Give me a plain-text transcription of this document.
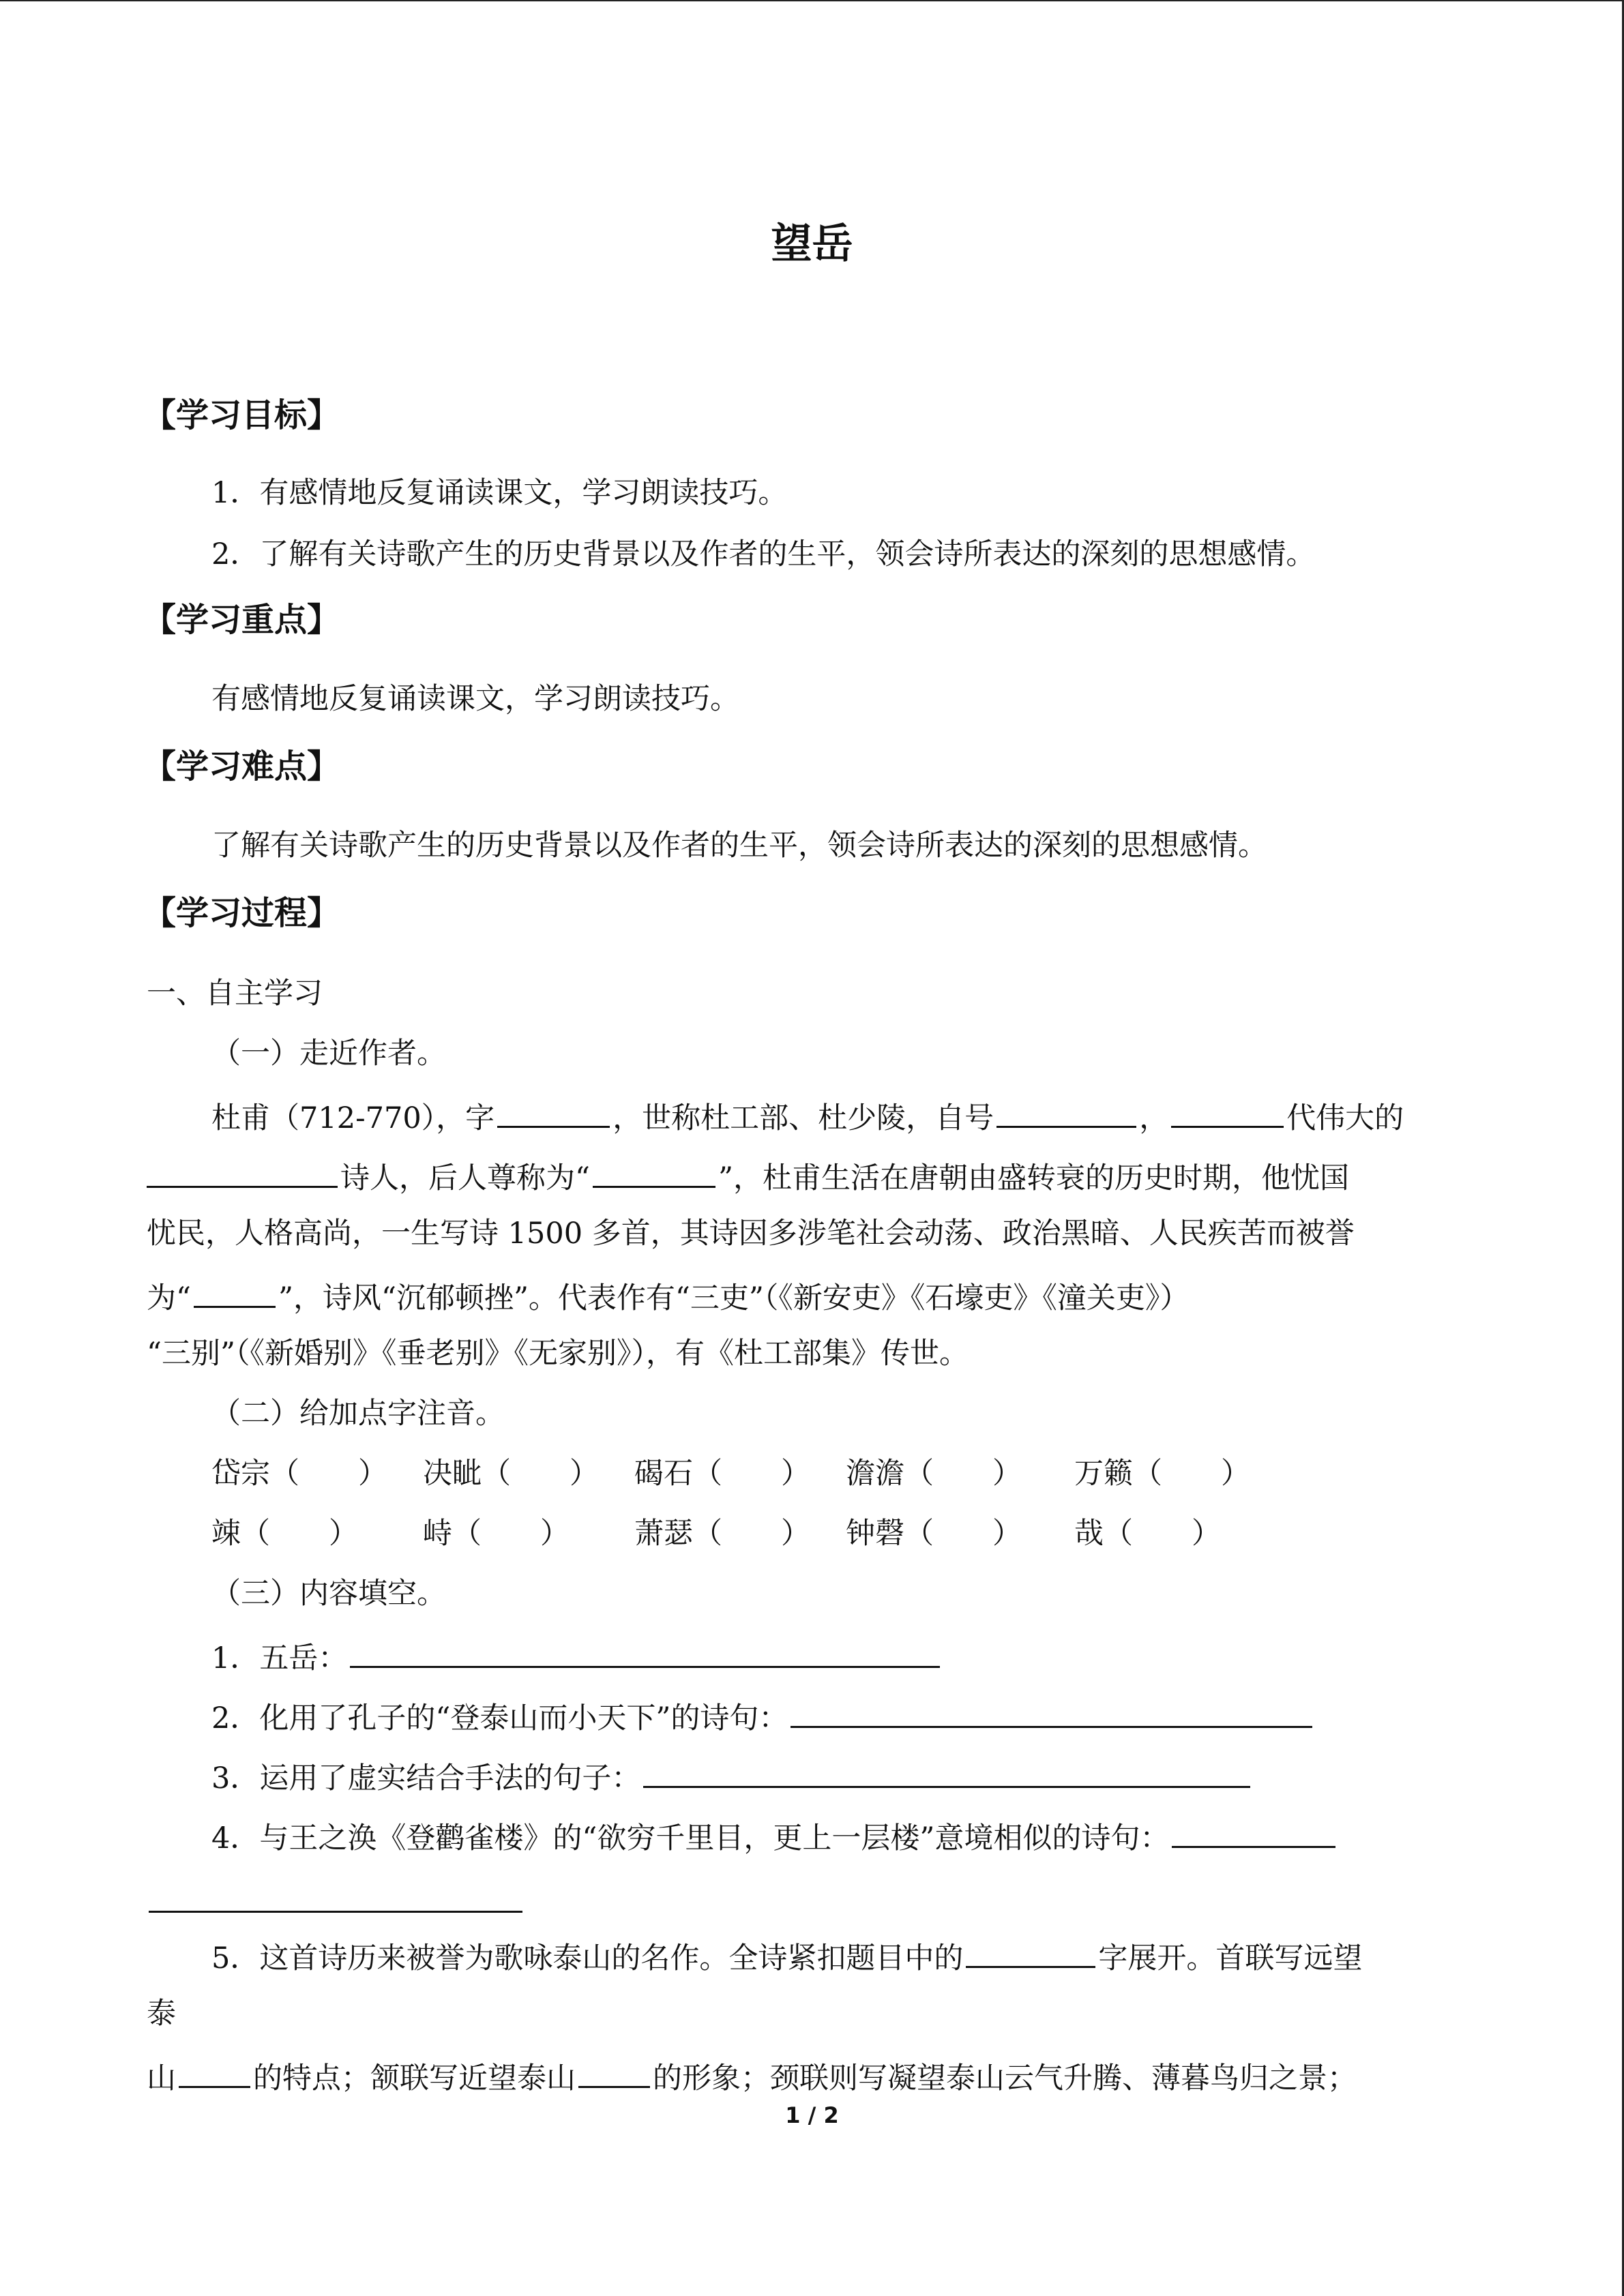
望岳
【学习目标】
1．有感情地反复诵读课文，学习朗读技巧。
2．了解有关诗歌产生的历史背景以及作者的生平，领会诗所表达的深刻的思想感情。
【学习重点】
有感情地反复诵读课文，学习朗读技巧。
【学习难点】
了解有关诗歌产生的历史背景以及作者的生平，领会诗所表达的深刻的思想感情。
【学习过程】
一、自主学习
（一）走近作者。
杜甫（712-770），字	，世称杜工部、杜少陵，自号	，	代伟大的
诗人，后人尊称为“	”，杜甫生活在唐朝由盛转衰的历史时期，他忧国
忧民，人格高尚，一生写诗 1500 多首，其诗因多涉笔社会动荡、政治黑暗、人民疾苦而被誉
为“	”，诗风“沉郁顿挫”。代表作有“三吏”（《新安吏》《石壕吏》《潼关吏》）
“三别”（《新婚别》《垂老别》《无家别》），有《杜工部集》传世。
（二）给加点字注音。
岱宗（　　） 决眦（　　） 碣石（　　） 澹澹（　　） 万籁（　　）
竦（　　） 峙（　　） 萧瑟（　　） 钟磬（　　） 哉（　　）
（三）内容填空。
1．五岳：
2．化用了孔子的“登泰山而小天下”的诗句：
3．运用了虚实结合手法的句子：
4．与王之涣《登鹳雀楼》的“欲穷千里目，更上一层楼”意境相似的诗句：
5．这首诗历来被誉为歌咏泰山的名作。全诗紧扣题目中的	字展开。首联写远望
泰
山	的特点；颔联写近望泰山	的形象；颈联则写凝望泰山云气升腾、薄暮鸟归之景；
1 / 2
